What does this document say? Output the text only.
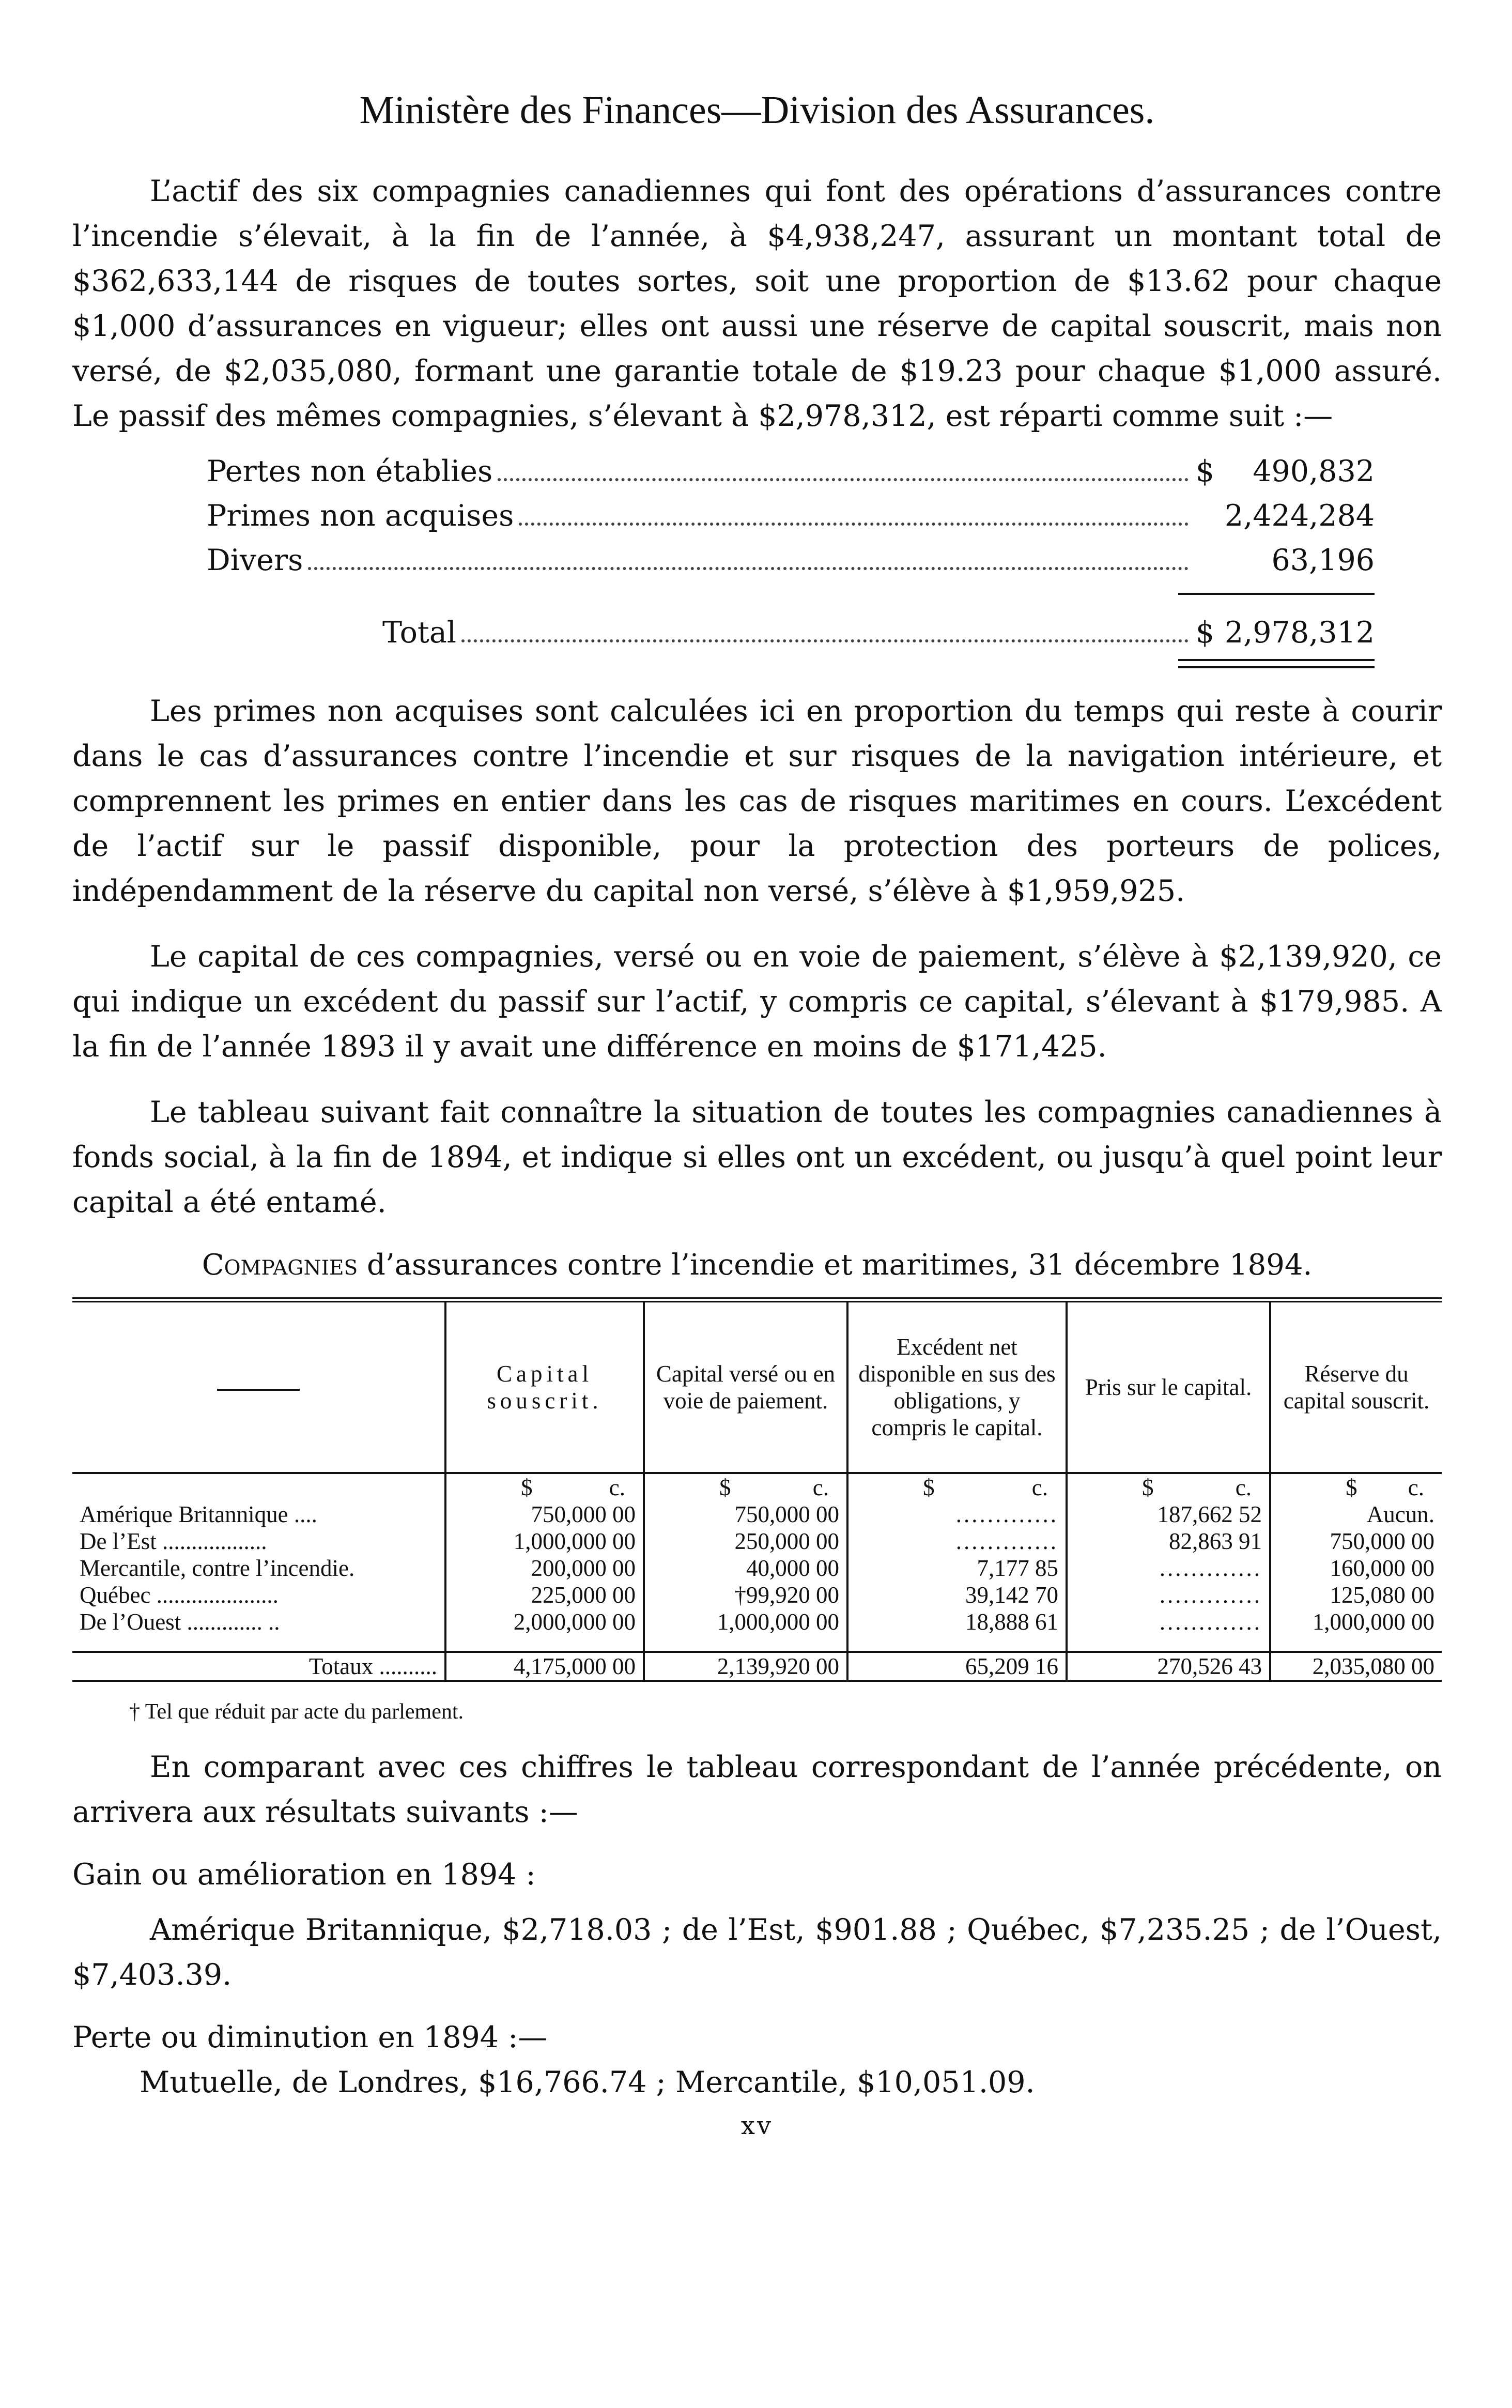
Ministère des Finances—Division des Assurances.

L’actif des six compagnies canadiennes qui font des opérations d’assurances contre l’incendie s’élevait, à la fin de l’année, à $4,938,247, assurant un montant total de $362,633,144 de risques de toutes sortes, soit une proportion de $13.62 pour chaque $1,000 d’assurances en vigueur; elles ont aussi une réserve de capital souscrit, mais non versé, de $2,035,080, formant une garantie totale de $19.23 pour chaque $1,000 assuré. Le passif des mêmes compagnies, s’élevant à $2,978,312, est réparti comme suit :—

Pertes non établies	$	490,832
Primes non acquises	2,424,284
Divers	63,196
Total	$ 2,978,312

Les primes non acquises sont calculées ici en proportion du temps qui reste à courir dans le cas d’assurances contre l’incendie et sur risques de la navigation intérieure, et comprennent les primes en entier dans les cas de risques maritimes en cours. L’excédent de l’actif sur le passif disponible, pour la protection des porteurs de polices, indépendamment de la réserve du capital non versé, s’élève à $1,959,925.

Le capital de ces compagnies, versé ou en voie de paiement, s’élève à $2,139,920, ce qui indique un excédent du passif sur l’actif, y compris ce capital, s’élevant à $179,985. A la fin de l’année 1893 il y avait une différence en moins de $171,425.

Le tableau suivant fait connaître la situation de toutes les compagnies canadiennes à fonds social, à la fin de 1894, et indique si elles ont un excédent, ou jusqu’à quel point leur capital a été entamé.

Compagnies d’assurances contre l’incendie et maritimes, 31 décembre 1894.
	Capital souscrit.	Capital versé ou en voie de paiement.	Excédent net disponible en sus des obligations, y compris le capital.	Pris sur le capital.	Réserve du capital souscrit.

	$ c.	$ c.	$ c.	$ c.	$ c.

Amérique Britannique ....	750,000 00	750,000 00	.............	187,662 52	Aucun.
De l’Est ..................	1,000,000 00	250,000 00	.............	82,863 91	750,000 00
Mercantile, contre l’incendie.	200,000 00	40,000 00	7,177 85	.............	160,000 00
Québec .....................	225,000 00	†99,920 00	39,142 70	.............	125,080 00
De l’Ouest ............. ..	2,000,000 00	1,000,000 00	18,888 61	.............	1,000,000 00
Totaux ..........	4,175,000 00	2,139,920 00	65,209 16	270,526 43	2,035,080 00
† Tel que réduit par acte du parlement.

En comparant avec ces chiffres le tableau correspondant de l’année précédente, on arrivera aux résultats suivants :—

Gain ou amélioration en 1894 :
Amérique Britannique, $2,718.03 ; de l’Est, $901.88 ; Québec, $7,235.25 ; de l’Ouest, $7,403.39.
Perte ou diminution en 1894 :—
Mutuelle, de Londres, $16,766.74 ; Mercantile, $10,051.09.
xv
